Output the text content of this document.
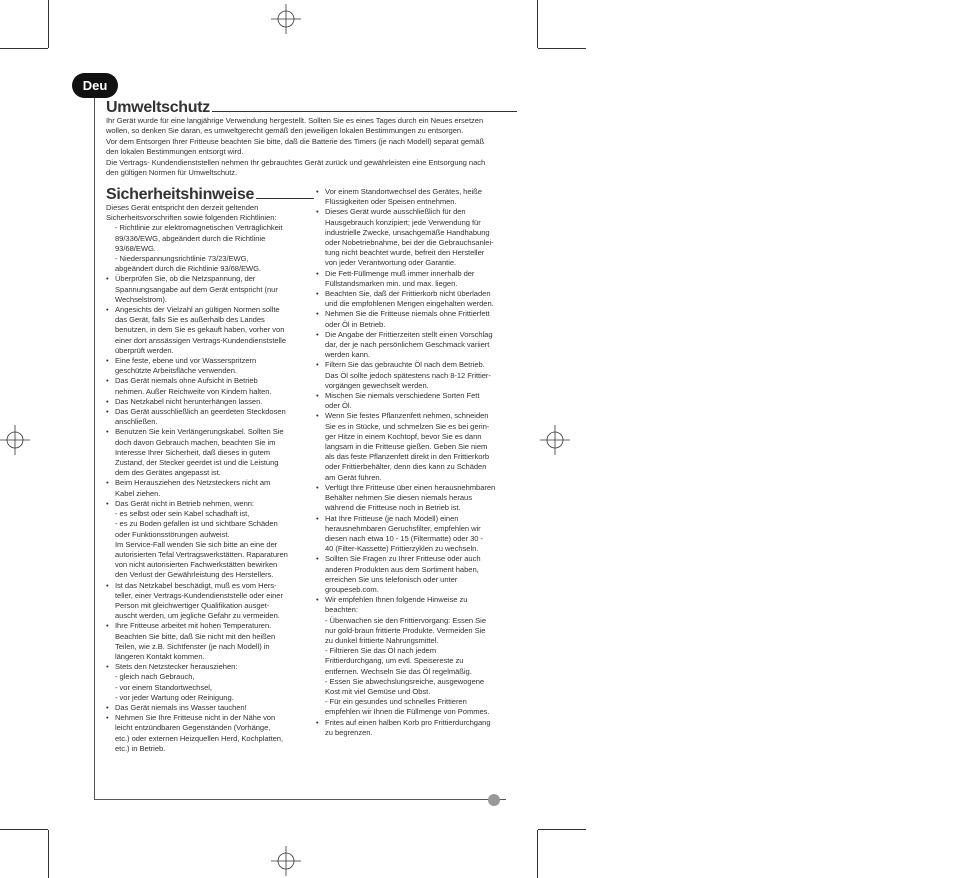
Deu
Umweltschutz
Ihr Gerät wurde für eine langjährige Verwendung hergestellt. Sollten Sie es eines Tages durch ein Neues ersetzen
wollen, so denken Sie daran, es umweltgerecht gemäß den jeweiligen lokalen Bestimmungen zu entsorgen.
Vor dem Entsorgen Ihrer Fritteuse beachten Sie bitte, daß die Batterie des Timers (je nach Modell) separat gemäß
den lokalen Bestimmungen entsorgt wird.
Die Vertrags- Kundendienststellen nehmen Ihr gebrauchtes Gerät zurück und gewährleisten eine Entsorgung nach
den gültigen Normen für Umweltschutz.
Sicherheitshinweise

Dieses Gerät entspricht den derzeit geltenden

Sicherheitsvorschriften sowie folgenden Richtlinien:

- Richtlinie zur elektromagnetischen Verträglichkeit

89/336/EWG, abgeändert durch die Richtlinie

93/68/EWG.

- Niederspannungsrichtlinie 73/23/EWG,

abgeändert durch die Richtlinie 93/68/EWG.

• Überprüfen Sie, ob die Netzspannung, der

Spannungsangabe auf dem Gerät entspricht (nur

Wechselstrom).

• Angesichts der Vielzahl an gültigen Normen sollte

das Gerät, falls Sie es außerhalb des Landes

benutzen, in dem Sie es gekauft haben, vorher von

einer dort anssässigen Vertrags-Kundendienststelle

überprüft werden.

• Eine feste, ebene und vor Wasserspritzern

geschützte Arbeitsfläche verwenden.

• Das Gerät niemals ohne Aufsicht in Betrieb

nehmen. Außer Reichweite von Kindern halten.

• Das Netzkabel nicht herunterhängen lassen.

• Das Gerät ausschließlich an geerdeten Steckdosen

anschließen.

• Benutzen Sie kein Verlängerungskabel. Sollten Sie

doch davon Gebrauch machen, beachten Sie im

Interesse Ihrer Sicherheit, daß dieses in gutem

Zustand, der Stecker geerdet ist und die Leistung

dem des Gerätes angepasst ist.

• Beim Herausziehen des Netzsteckers nicht am

Kabel ziehen.

• Das Gerät nicht in Betrieb nehmen, wenn:

- es selbst oder sein Kabel schadhaft ist,

- es zu Boden gefallen ist und sichtbare Schäden

oder Funktionsstörungen aufweist.

Im Service-Fall wenden Sie sich bitte an eine der

autorisierten Tefal Vertragswerkstätten. Raparaturen

von nicht autorisierten Fachwerkstätten bewirken

den Verlust der Gewährleistung des Herstellers.

• Ist das Netzkabel beschädigt, muß es vom Hers-

teller, einer Vertrags-Kundendienststelle oder einer

Person mit gleichwertiger Qualifikation ausget-

auscht werden, um jegliche Gefahr zu vermeiden.

• Ihre Fritteuse arbeitet mit hohen Temperaturen.

Beachten Sie bitte, daß Sie nicht mit den heißen

Teilen, wie z.B. Sichtfenster (je nach Modell) in

längeren Kontakt kommen.

• Stets den Netzstecker herausziehen:

- gleich nach Gebrauch,

- vor einem Standortwechsel,

- vor jeder Wartung oder Reinigung.

• Das Gerät niemals ins Wasser tauchen!

• Nehmen Sie Ihre Fritteuse nicht in der Nähe von

leicht entzündbaren Gegenständen (Vorhänge,

etc.) oder externen Heizquellen Herd, Kochplatten,

etc.) in Betrieb.

• Vor einem Standortwechsel des Gerätes, heiße

Flüssigkeiten oder Speisen entnehmen.

• Dieses Gerät wurde ausschließlich für den

Hausgebrauch konzipiert; jede Verwendung für

industrielle Zwecke, unsachgemäße Handhabung

oder Nobetriebnahme, bei der die Gebrauchsanlei-

tung nicht beachtet wurde, befreit den Hersteller

von jeder Verantwortung oder Garantie.

• Die Fett-Füllmenge muß immer innerhalb der

Füllstandsmarken min. und max. liegen.

• Beachten Sie, daß der Frittierkorb nicht überladen

und die empfohlenen Mengen eingehalten werden.

• Nehmen Sie die Fritteuse niemals ohne Frittierfett

oder Öl in Betrieb.

• Die Angabe der Frittierzeiten stellt einen Vorschlag

dar, der je nach persönlichem Geschmack variiert

werden kann.

• Filtern Sie das gebrauchte Öl nach dem Betrieb.

Das Öl sollte jedoch spätestens nach 8-12 Frittier-

vorgängen gewechselt werden.

• Mischen Sie niemals verschiedene Sorten Fett

oder Öl.

• Wenn Sie festes Pflanzenfett nehmen, schneiden

Sie es in Stücke, und schmelzen Sie es bei gerin-

ger Hitze in einem Kochtopf, bevor Sie es dann

langsam in die Fritteuse gießen. Geben Sie niem

als das feste Pflanzenfett direkt in den Frittierkorb

oder Frittierbehälter, denn dies kann zu Schäden

am Gerät führen.

• Verfügt Ihre Fritteuse über einen herausnehmbaren

Behälter nehmen Sie diesen niemals heraus

während die Fritteuse noch in Betrieb ist.

• Hat Ihre Fritteuse (je nach Modell) einen

herausnehmbaren Geruchsfilter, empfehlen wir

diesen nach etwa 10 - 15 (Filtermatte) oder 30 -

40 (Filter-Kassette) Frittierzyklen zu wechseln.

• Sollten Sie Fragen zu Ihrer Fritteuse oder auch

anderen Produkten aus dem Sortiment haben,

erreichen Sie uns telefonisch oder unter

groupeseb.com.

• Wir empfehlen Ihnen folgende Hinweise zu

beachten:

- Überwachen sie den Frittiervorgang: Essen Sie

nur gold-braun frittierte Produkte. Vermeiden Sie

zu dunkel frittierte Nahrungsmittel.

- Filtrieren Sie das Öl nach jedem

Frittierdurchgang, um evtl. Speisereste zu

entfernen. Wechseln Sie das Öl regelmäßig.

- Essen Sie abwechslungsreiche, ausgewogene

Kost mit viel Gemüse und Obst.

- Für ein gesundes und schnelles Frittieren

empfehlen wir Ihnen die Füllmenge von Pommes.

• Frites auf einen halben Korb pro Frittierdurchgang

zu begrenzen.
